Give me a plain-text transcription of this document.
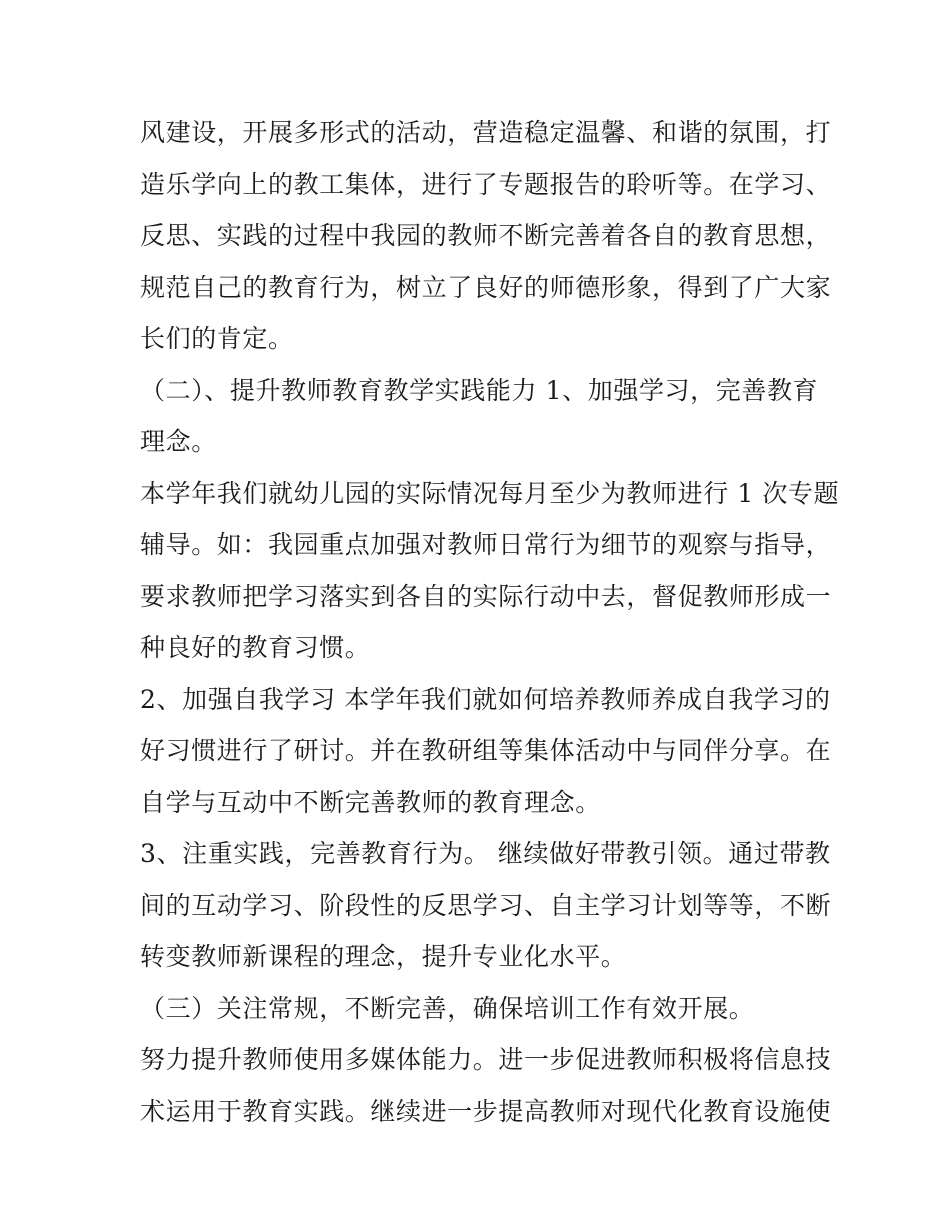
风建设，开展多形式的活动，营造稳定温馨、和谐的氛围，打
造乐学向上的教工集体，进行了专题报告的聆听等。在学习、
反思、实践的过程中我园的教师不断完善着各自的教育思想，
规范自己的教育行为，树立了良好的师德形象，得到了广大家
长们的肯定。
（二）、提升教师教育教学实践能力 1、加强学习，完善教育
理念。
本学年我们就幼儿园的实际情况每月至少为教师进行 1 次专题
辅导。如：我园重点加强对教师日常行为细节的观察与指导，
要求教师把学习落实到各自的实际行动中去，督促教师形成一
种良好的教育习惯。
2、加强自我学习 本学年我们就如何培养教师养成自我学习的
好习惯进行了研讨。并在教研组等集体活动中与同伴分享。在
自学与互动中不断完善教师的教育理念。
3、注重实践，完善教育行为。 继续做好带教引领。通过带教
间的互动学习、阶段性的反思学习、自主学习计划等等，不断
转变教师新课程的理念，提升专业化水平。
（三）关注常规，不断完善，确保培训工作有效开展。
努力提升教师使用多媒体能力。进一步促进教师积极将信息技
术运用于教育实践。继续进一步提高教师对现代化教育设施使
